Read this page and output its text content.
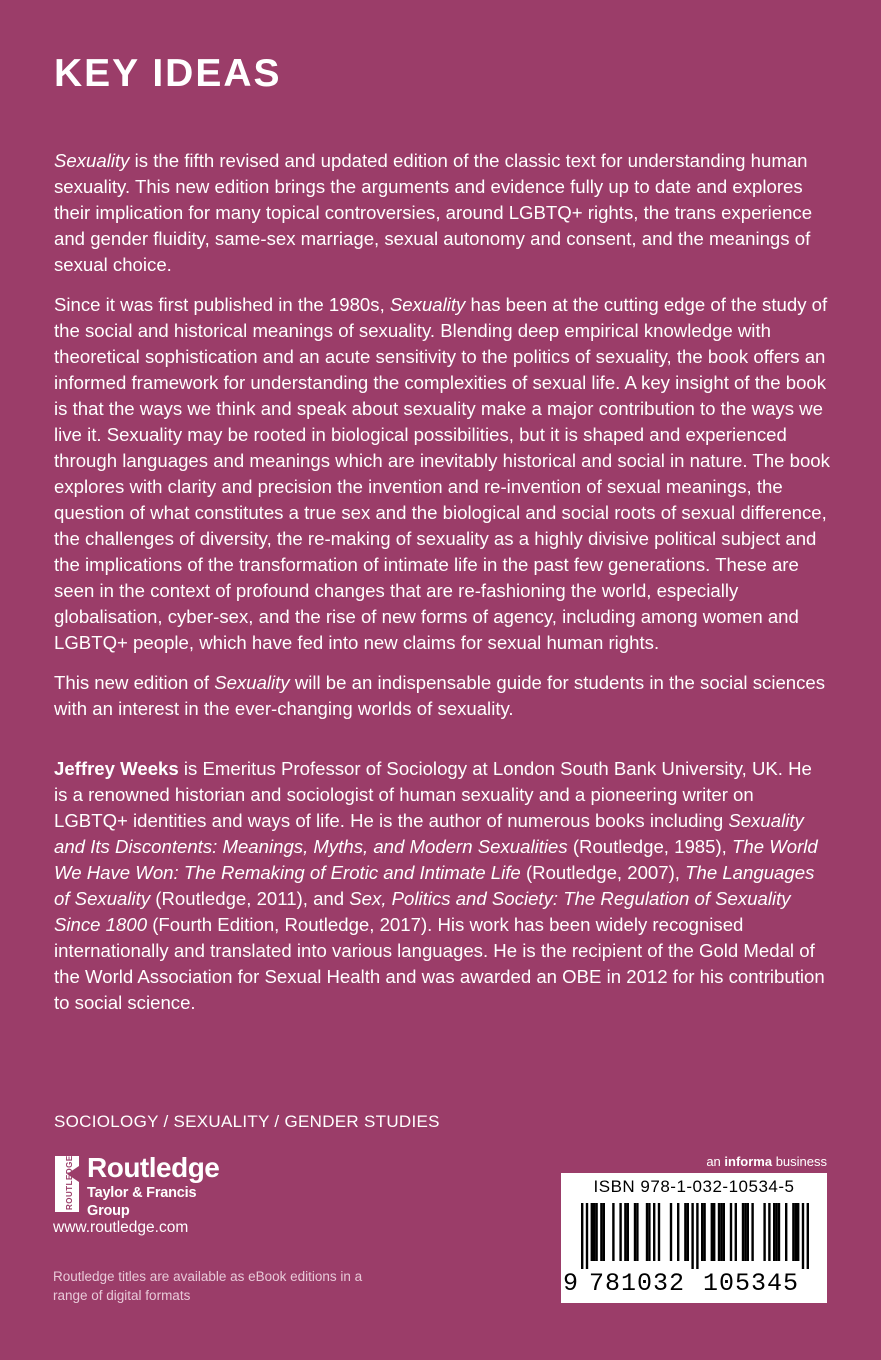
KEY IDEAS

Sexuality is the fifth revised and updated edition of the classic text for understanding human sexuality. This new edition brings the arguments and evidence fully up to date and explores their implication for many topical controversies, around LGBTQ+ rights, the trans experience and gender fluidity, same-sex marriage, sexual autonomy and consent, and the meanings of sexual choice.

Since it was first published in the 1980s, Sexuality has been at the cutting edge of the study of the social and historical meanings of sexuality. Blending deep empirical knowledge with theoretical sophistication and an acute sensitivity to the politics of sexuality, the book offers an informed framework for understanding the complexities of sexual life. A key insight of the book is that the ways we think and speak about sexuality make a major contribution to the ways we live it. Sexuality may be rooted in biological possibilities, but it is shaped and experienced through languages and meanings which are inevitably historical and social in nature. The book explores with clarity and precision the invention and re-invention of sexual meanings, the question of what constitutes a true sex and the biological and social roots of sexual difference, the challenges of diversity, the re-making of sexuality as a highly divisive political subject and the implications of the transformation of intimate life in the past few generations. These are seen in the context of profound changes that are re-fashioning the world, especially globalisation, cyber-sex, and the rise of new forms of agency, including among women and LGBTQ+ people, which have fed into new claims for sexual human rights.

This new edition of Sexuality will be an indispensable guide for students in the social sciences with an interest in the ever-changing worlds of sexuality.

Jeffrey Weeks is Emeritus Professor of Sociology at London South Bank University, UK. He is a renowned historian and sociologist of human sexuality and a pioneering writer on LGBTQ+ identities and ways of life. He is the author of numerous books including Sexuality and Its Discontents: Meanings, Myths, and Modern Sexualities (Routledge, 1985), The World We Have Won: The Remaking of Erotic and Intimate Life (Routledge, 2007), The Languages of Sexuality (Routledge, 2011), and Sex, Politics and Society: The Regulation of Sexuality Since 1800 (Fourth Edition, Routledge, 2017). His work has been widely recognised internationally and translated into various languages. He is the recipient of the Gold Medal of the World Association for Sexual Health and was awarded an OBE in 2012 for his contribution to social science.

SOCIOLOGY / SEXUALITY / GENDER STUDIES
ROUTLEDGE Routledge
Taylor & Francis Group
www.routledge.com
Routledge titles are available as eBook editions in a range of digital formats
an informa business
ISBN 978-1-032-10534-5
9 781032 105345
